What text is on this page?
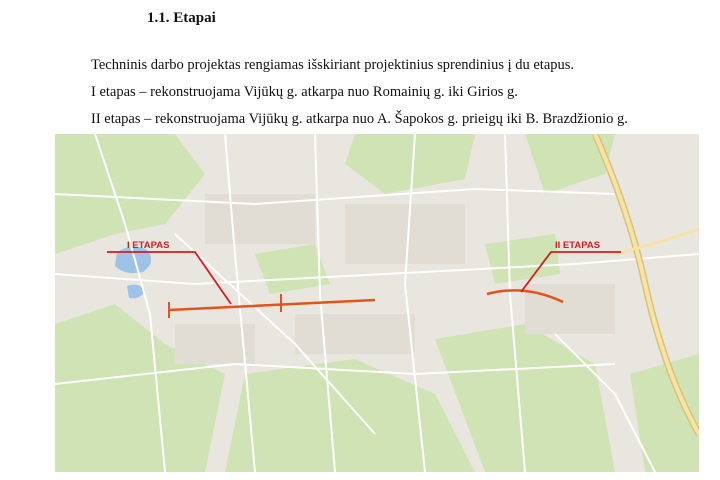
1.1. Etapai
Techninis darbo projektas rengiamas išskiriant projektinius sprendinius į du etapus.
I etapas – rekonstruojama Vijūkų g. atkarpa nuo Romainių g. iki Girios g.
II etapas – rekonstruojama Vijūkų g. atkarpa nuo A. Šapokos g. prieigų iki B. Brazdžionio g.
I ETAPAS	II ETAPAS
